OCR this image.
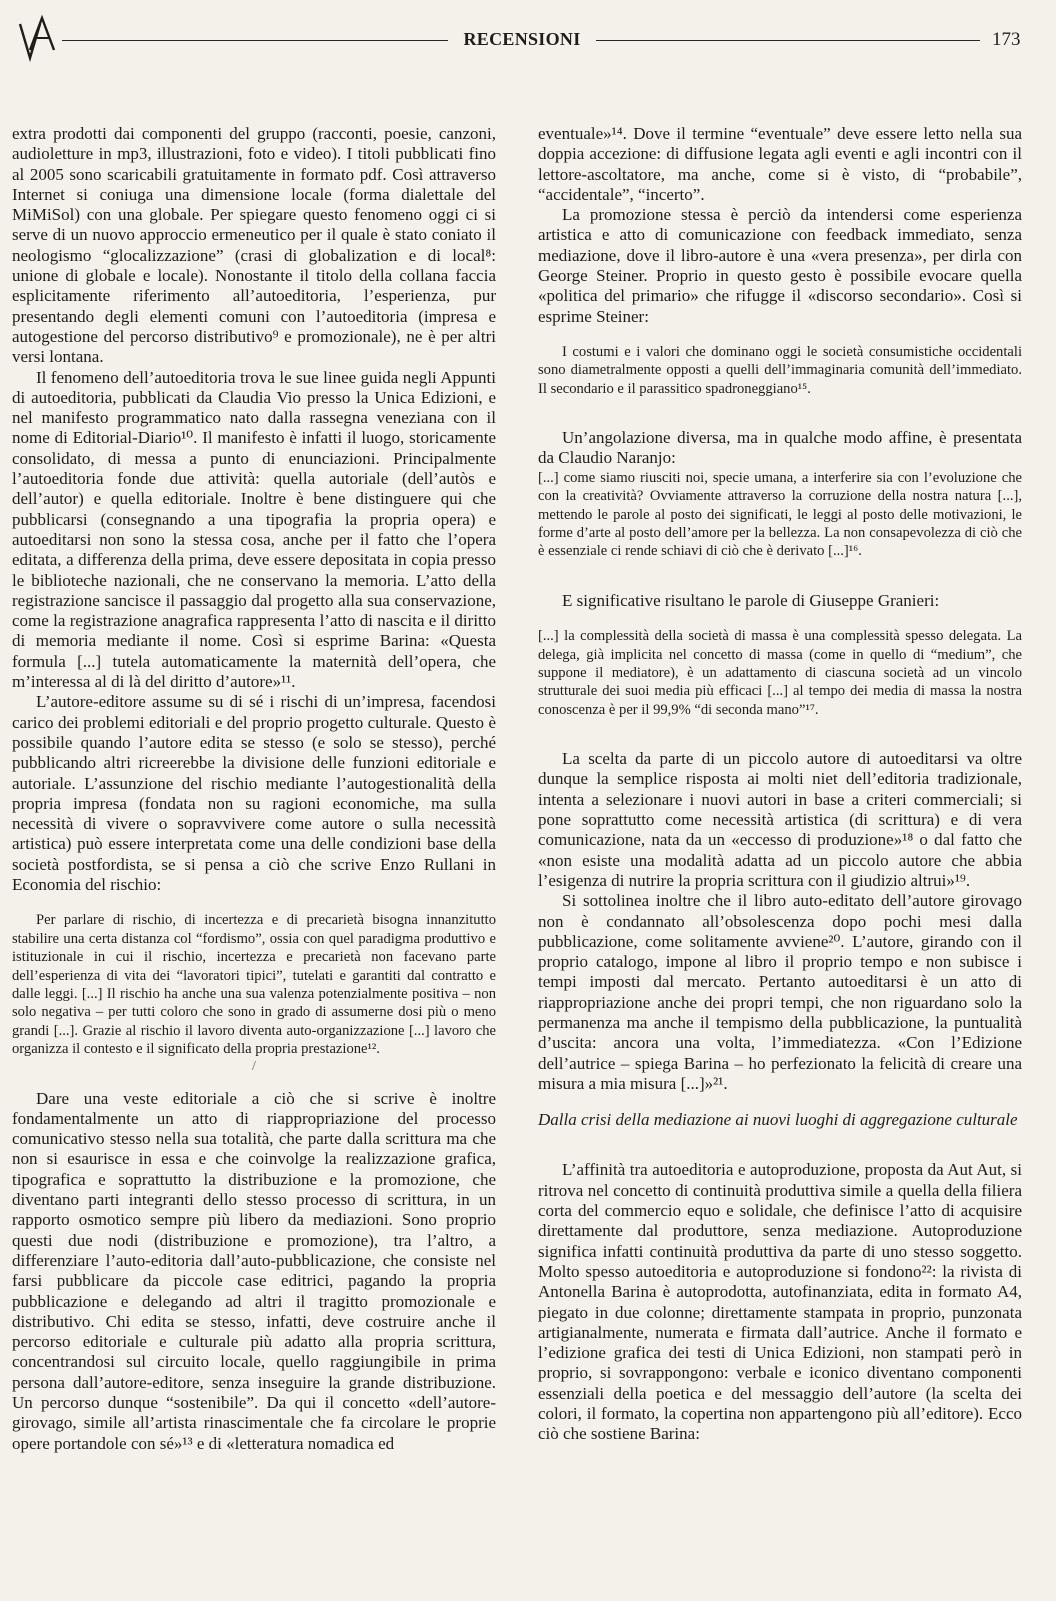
RECENSIONI	173

extra prodotti dai componenti del gruppo (racconti, poesie, canzoni, audioletture in mp3, illustrazioni, foto e video). I titoli pubblicati fino al 2005 sono scaricabili gratuitamente in formato pdf. Così attraverso Internet si coniuga una dimensione locale (forma dialettale del MiMiSol) con una globale. Per spiegare questo fenomeno oggi ci si serve di un nuovo approccio ermeneutico per il quale è stato coniato il neologismo “glocalizzazione” (crasi di globalization e di local⁸: unione di globale e locale). Nonostante il titolo della collana faccia esplicitamente riferimento all’autoeditoria, l’esperienza, pur presentando degli elementi comuni con l’autoeditoria (impresa e autogestione del percorso distributivo⁹ e promozionale), ne è per altri versi lontana.

Il fenomeno dell’autoeditoria trova le sue linee guida negli Appunti di autoeditoria, pubblicati da Claudia Vio presso la Unica Edizioni, e nel manifesto programmatico nato dalla rassegna veneziana con il nome di Editorial-Diario¹⁰. Il manifesto è infatti il luogo, storicamente consolidato, di messa a punto di enunciazioni. Principalmente l’autoeditoria fonde due attività: quella autoriale (dell’autòs e dell’autor) e quella editoriale. Inoltre è bene distinguere qui che pubblicarsi (consegnando a una tipografia la propria opera) e autoeditarsi non sono la stessa cosa, anche per il fatto che l’opera editata, a differenza della prima, deve essere depositata in copia presso le biblioteche nazionali, che ne conservano la memoria. L’atto della registrazione sancisce il passaggio dal progetto alla sua conservazione, come la registrazione anagrafica rappresenta l’atto di nascita e il diritto di memoria mediante il nome. Così si esprime Barina: «Questa formula [...] tutela automaticamente la maternità dell’opera, che m’interessa al di là del diritto d’autore»¹¹.

L’autore-editore assume su di sé i rischi di un’impresa, facendosi carico dei problemi editoriali e del proprio progetto culturale. Questo è possibile quando l’autore edita se stesso (e solo se stesso), perché pubblicando altri ricreerebbe la divisione delle funzioni editoriale e autoriale. L’assunzione del rischio mediante l’autogestionalità della propria impresa (fondata non su ragioni economiche, ma sulla necessità di vivere o sopravvivere come autore o sulla necessità artistica) può essere interpretata come una delle condizioni base della società postfordista, se si pensa a ciò che scrive Enzo Rullani in Economia del rischio:

Per parlare di rischio, di incertezza e di precarietà bisogna innanzitutto stabilire una certa distanza col “fordismo”, ossia con quel paradigma produttivo e istituzionale in cui il rischio, incertezza e precarietà non facevano parte dell’esperienza di vita dei “lavoratori tipici”, tutelati e garantiti dal contratto e dalle leggi. [...] Il rischio ha anche una sua valenza potenzialmente positiva – non solo negativa – per tutti coloro che sono in grado di assumerne dosi più o meno grandi [...]. Grazie al rischio il lavoro diventa auto-organizzazione [...] lavoro che organizza il contesto e il significato della propria prestazione¹².

/

Dare una veste editoriale a ciò che si scrive è inoltre fondamentalmente un atto di riappropriazione del processo comunicativo stesso nella sua totalità, che parte dalla scrittura ma che non si esaurisce in essa e che coinvolge la realizzazione grafica, tipografica e soprattutto la distribuzione e la promozione, che diventano parti integranti dello stesso processo di scrittura, in un rapporto osmotico sempre più libero da mediazioni. Sono proprio questi due nodi (distribuzione e promozione), tra l’altro, a differenziare l’auto-editoria dall’auto-pubblicazione, che consiste nel farsi pubblicare da piccole case editrici, pagando la propria pubblicazione e delegando ad altri il tragitto promozionale e distributivo. Chi edita se stesso, infatti, deve costruire anche il percorso editoriale e culturale più adatto alla propria scrittura, concentrandosi sul circuito locale, quello raggiungibile in prima persona dall’autore-editore, senza inseguire la grande distribuzione. Un percorso dunque “sostenibile”. Da qui il concetto «dell’autore-girovago, simile all’artista rinascimentale che fa circolare le proprie opere portandole con sé»¹³ e di «letteratura nomadica ed

eventuale»¹⁴. Dove il termine “eventuale” deve essere letto nella sua doppia accezione: di diffusione legata agli eventi e agli incontri con il lettore-ascoltatore, ma anche, come si è visto, di “probabile”, “accidentale”, “incerto”.

La promozione stessa è perciò da intendersi come esperienza artistica e atto di comunicazione con feedback immediato, senza mediazione, dove il libro-autore è una «vera presenza», per dirla con George Steiner. Proprio in questo gesto è possibile evocare quella «politica del primario» che rifugge il «discorso secondario». Così si esprime Steiner:

I costumi e i valori che dominano oggi le società consumistiche occidentali sono diametralmente opposti a quelli dell’immaginaria comunità dell’immediato. Il secondario e il parassitico spadroneggiano¹⁵.

Un’angolazione diversa, ma in qualche modo affine, è presentata da Claudio Naranjo:

[...] come siamo riusciti noi, specie umana, a interferire sia con l’evoluzione che con la creatività? Ovviamente attraverso la corruzione della nostra natura [...], mettendo le parole al posto dei significati, le leggi al posto delle motivazioni, le forme d’arte al posto dell’amore per la bellezza. La non consapevolezza di ciò che è essenziale ci rende schiavi di ciò che è derivato [...]¹⁶.

E significative risultano le parole di Giuseppe Granieri:

[...] la complessità della società di massa è una complessità spesso delegata. La delega, già implicita nel concetto di massa (come in quello di “medium”, che suppone il mediatore), è un adattamento di ciascuna società ad un vincolo strutturale dei suoi media più efficaci [...] al tempo dei media di massa la nostra conoscenza è per il 99,9% “di seconda mano”¹⁷.

La scelta da parte di un piccolo autore di autoeditarsi va oltre dunque la semplice risposta ai molti niet dell’editoria tradizionale, intenta a selezionare i nuovi autori in base a criteri commerciali; si pone soprattutto come necessità artistica (di scrittura) e di vera comunicazione, nata da un «eccesso di produzione»¹⁸ o dal fatto che «non esiste una modalità adatta ad un piccolo autore che abbia l’esigenza di nutrire la propria scrittura con il giudizio altrui»¹⁹.

Si sottolinea inoltre che il libro auto-editato dell’autore girovago non è condannato all’obsolescenza dopo pochi mesi dalla pubblicazione, come solitamente avviene²⁰. L’autore, girando con il proprio catalogo, impone al libro il proprio tempo e non subisce i tempi imposti dal mercato. Pertanto autoeditarsi è un atto di riappropriazione anche dei propri tempi, che non riguardano solo la permanenza ma anche il tempismo della pubblicazione, la puntualità d’uscita: ancora una volta, l’immediatezza. «Con l’Edizione dell’autrice – spiega Barina – ho perfezionato la felicità di creare una misura a mia misura [...]»²¹.

Dalla crisi della mediazione ai nuovi luoghi di aggregazione culturale

L’affinità tra autoeditoria e autoproduzione, proposta da Aut Aut, si ritrova nel concetto di continuità produttiva simile a quella della filiera corta del commercio equo e solidale, che definisce l’atto di acquisire direttamente dal produttore, senza mediazione. Autoproduzione significa infatti continuità produttiva da parte di uno stesso soggetto. Molto spesso autoeditoria e autoproduzione si fondono²²: la rivista di Antonella Barina è autoprodotta, autofinanziata, edita in formato A4, piegato in due colonne; direttamente stampata in proprio, punzonata artigianalmente, numerata e firmata dall’autrice. Anche il formato e l’edizione grafica dei testi di Unica Edizioni, non stampati però in proprio, si sovrappongono: verbale e iconico diventano componenti essenziali della poetica e del messaggio dell’autore (la scelta dei colori, il formato, la copertina non appartengono più all’editore). Ecco ciò che sostiene Barina:
